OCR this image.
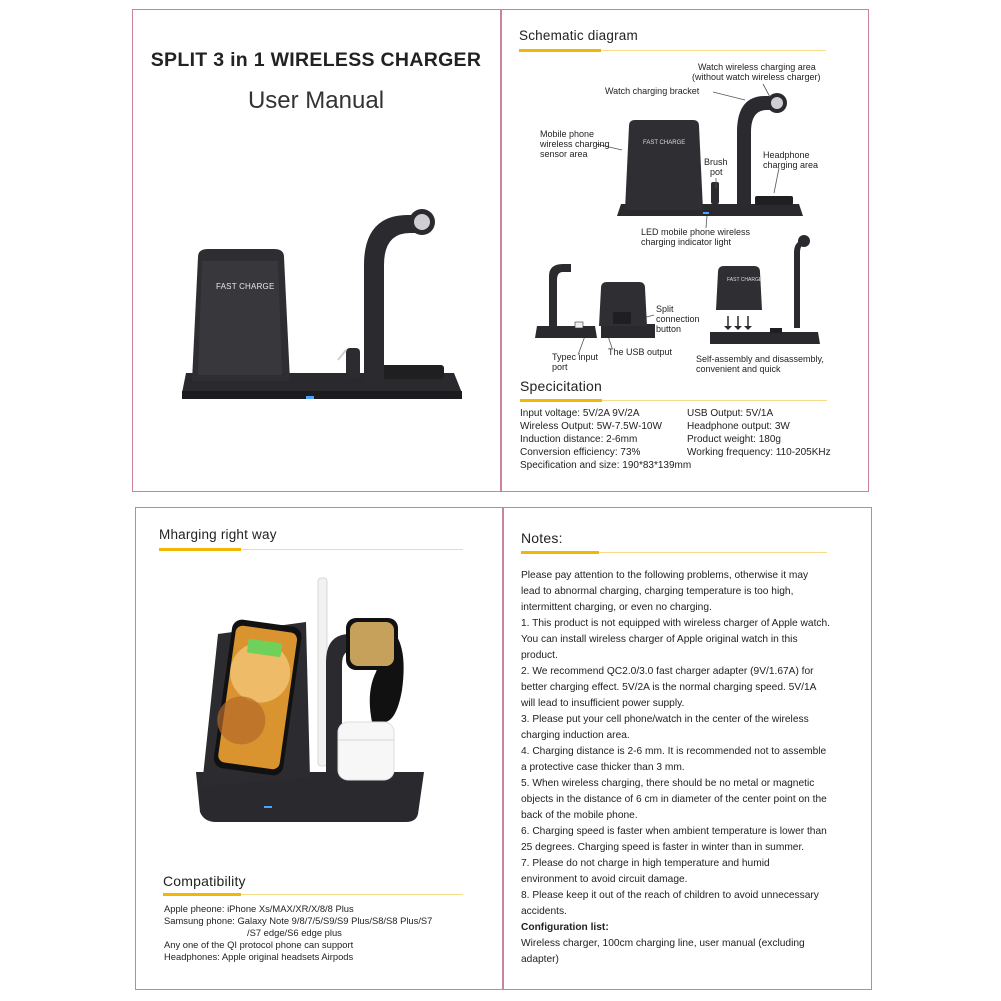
SPLIT 3 in 1 WIRELESS CHARGER
User Manual
FAST CHARGE
Schematic diagram
FAST CHARGE
Watch wireless charging area
(without watch wireless charger)
Watch charging bracket
Mobile phone
wireless charging
sensor area
Brush
pot
Headphone
charging area
LED mobile phone wireless
charging indicator light
Split
connection
button
Typec input
port
The USB output
FAST CHARGE
Self-assembly and disassembly,
convenient and quick
Specicitation
Input voltage: 5V/2A 9V/2A
Wireless Output: 5W-7.5W-10W
Induction distance: 2-6mm
Conversion efficiency: 73%
Specification and size: 190*83*139mm
USB Output: 5V/1A
Headphone output: 3W
Product weight: 180g
Working frequency: 110-205KHz
Mharging right way
Compatibility
Apple pheone: iPhone Xs/MAX/XR/X/8/8 Plus
Samsung phone: Galaxy Note 9/8/7/5/S9/S9 Plus/S8/S8 Plus/S7
/S7 edge/S6 edge plus
Any one of the QI protocol phone can support
Headphones: Apple original headsets Airpods
Notes:
Please pay attention to the following problems, otherwise it may
lead to abnormal charging, charging temperature is too high,
intermittent charging, or even no charging.
1. This product is not equipped with wireless charger of Apple watch.
You can install wireless charger of Apple original watch in this
product.
2. We recommend QC2.0/3.0 fast charger adapter (9V/1.67A) for
better charging effect. 5V/2A is the normal charging speed. 5V/1A
will lead to insufficient power supply.
3. Please put your cell phone/watch in the center of the wireless
charging induction area.
4. Charging distance is 2-6 mm. It is recommended not to assemble
a protective case thicker than 3 mm.
5. When wireless charging, there should be no metal or magnetic
objects in the distance of 6 cm in diameter of the center point on the
back of the mobile phone.
6. Charging speed is faster when ambient temperature is lower than
25 degrees. Charging speed is faster in winter than in summer.
7. Please do not charge in high temperature and humid
environment to avoid circuit damage.
8. Please keep it out of the reach of children to avoid unnecessary
accidents.
Configuration list:
Wireless charger, 100cm charging line, user manual (excluding
adapter)
